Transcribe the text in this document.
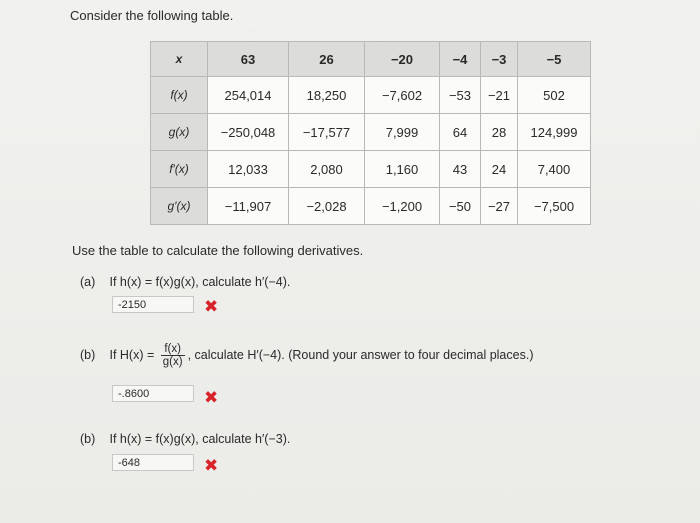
Consider the following table.
x	63	26	−20	−4	−3	−5
f(x)	254,014	18,250	−7,602	−53	−21	502
g(x)	−250,048	−17,577	7,999	64	28	124,999
f′(x)	12,033	2,080	1,160	43	24	7,400
g′(x)	−11,907	−2,028	−1,200	−50	−27	−7,500
Use the table to calculate the following derivatives.
(a) If h(x) = f(x)g(x), calculate h′(−4).
-2150	✖
(b) If $H(x) = \frac{f(x)}{g(x)}$ , calculate H′(−4). (Round your answer to four decimal places.)
-.8600	✖
(b) If h(x) = f(x)g(x), calculate h′(−3).
-648	✖
